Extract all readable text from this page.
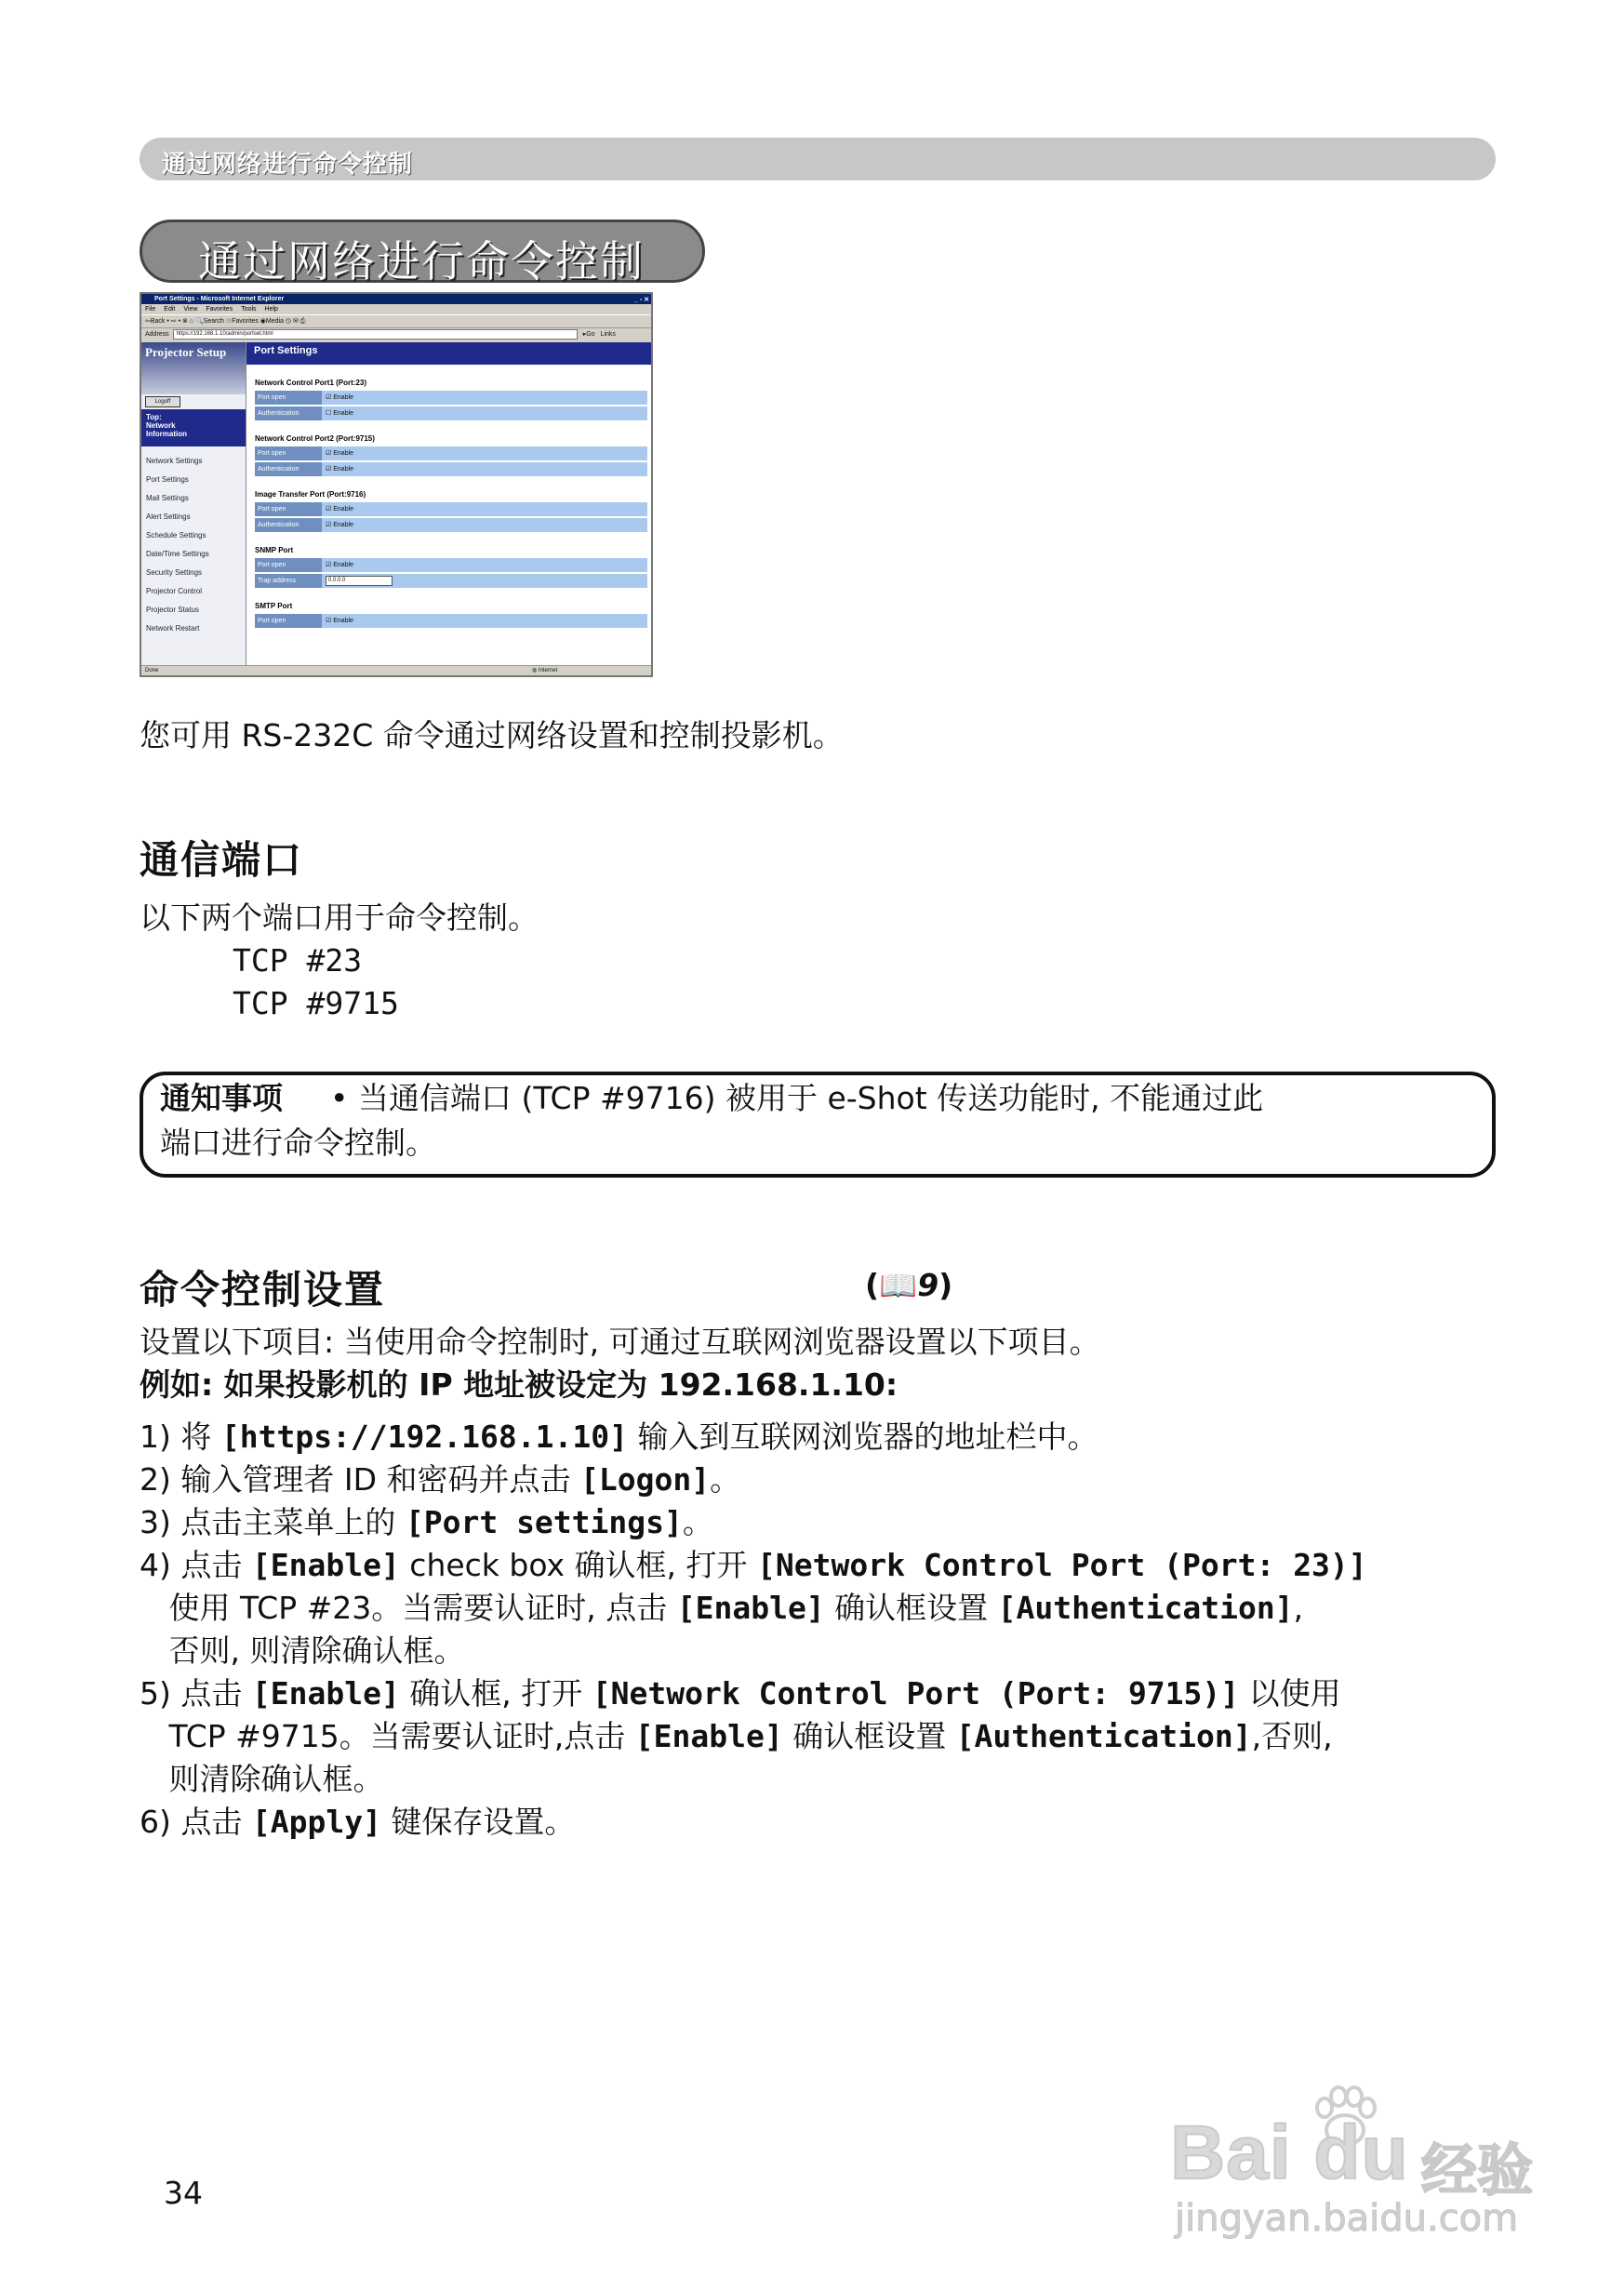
通过网络进行命令控制
通过网络进行命令控制
Port Settings - Microsoft Internet Explorer	_ ▫ ✕
File Edit View Favorites Tools Help
⇦Back • ⇨ • ⊗ ⌂ 🔍Search ☆Favorites ◉Media ◷ ✉ ⎙
Address	https://192.168.1.10/admin/portset.html	▸Go Links
Projector Setup
Logoff
Top:
Network
Information
Network Settings
Port Settings
Mail Settings
Alert Settings
Schedule Settings
Date/Time Settings
Security Settings
Projector Control
Projector Status
Network Restart
Port Settings
Network Control Port1 (Port:23)
Port open	☑ Enable
Authentication	☐ Enable
Network Control Port2 (Port:9715)
Port open	☑ Enable
Authentication	☑ Enable
Image Transfer Port (Port:9716)
Port open	☑ Enable
Authentication	☑ Enable
SNMP Port
Port open	☑ Enable
Trap address	0.0.0.0
SMTP Port
Port open	☑ Enable
Done	◍ Internet
您可用 RS-232C 命令通过网络设置和控制投影机。
通信端口
以下两个端口用于命令控制。
TCP #23
TCP #9715
通知事项 • 当通信端口 (TCP #9716) 被用于 e-Shot 传送功能时, 不能通过此
端口进行命令控制。
命令控制设置	(📖9)
设置以下项目: 当使用命令控制时, 可通过互联网浏览器设置以下项目。
例如: 如果投影机的 IP 地址被设定为 192.168.1.10:
1) 将 [https://192.168.1.10] 输入到互联网浏览器的地址栏中。
2) 输入管理者 ID 和密码并点击 [Logon]。
3) 点击主菜单上的 [Port settings]。
4) 点击 [Enable] check box 确认框, 打开 [Network Control Port (Port: 23)]
使用 TCP #23。当需要认证时, 点击 [Enable] 确认框设置 [Authentication],
否则, 则清除确认框。
5) 点击 [Enable] 确认框, 打开 [Network Control Port (Port: 9715)] 以使用
TCP #9715。当需要认证时,点击 [Enable] 确认框设置 [Authentication],否则,
则清除确认框。
6) 点击 [Apply] 键保存设置。
34	Bai du 经验
jingyan.baidu.com
